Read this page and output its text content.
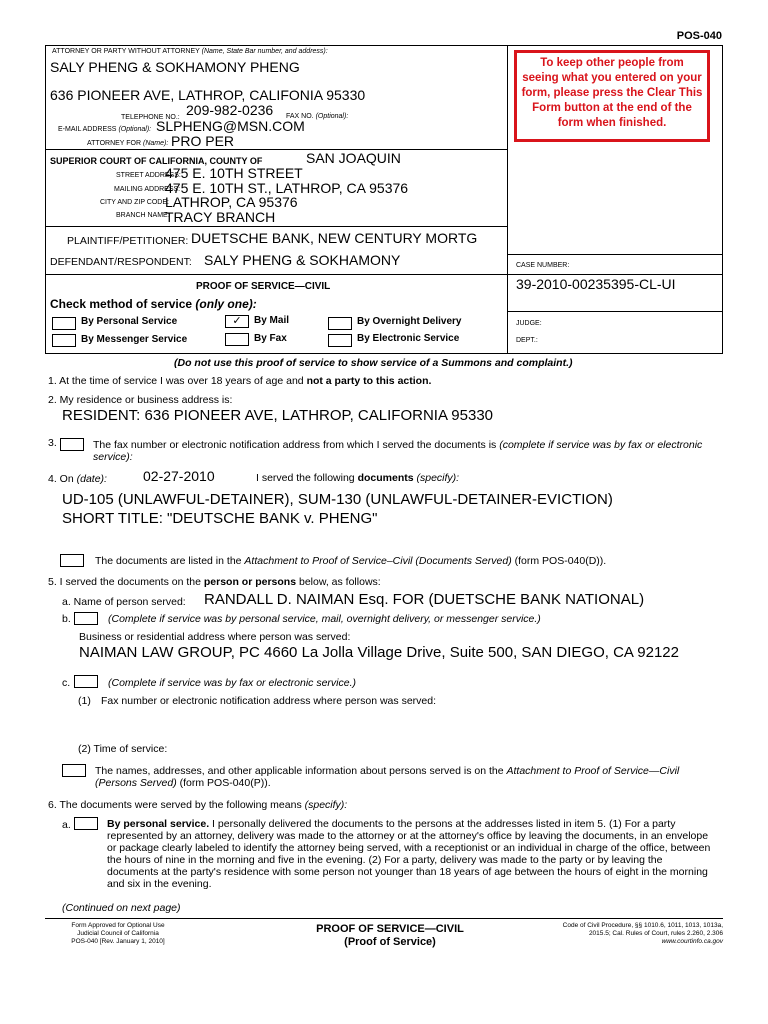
POS-040
ATTORNEY OR PARTY WITHOUT ATTORNEY (Name, State Bar number, and address):
SALY PHENG & SOKHAMONY PHENG
636 PIONEER AVE, LATHROP, CALIFONIA 95330
TELEPHONE NO.: 209-982-0236 FAX NO. (Optional):
E-MAIL ADDRESS (Optional): SLPHENG@MSN.COM
ATTORNEY FOR (Name): PRO PER
To keep other people from seeing what you entered on your form, please press the Clear This Form button at the end of the form when finished.
SUPERIOR COURT OF CALIFORNIA, COUNTY OF	SAN JOAQUIN
STREET ADDRESS:
475 E. 10TH STREET
MAILING ADDRESS:
475 E. 10TH ST., LATHROP, CA 95376
CITY AND ZIP CODE:
LATHROP, CA 95376
BRANCH NAME:
TRACY BRANCH
PLAINTIFF/PETITIONER: DUETSCHE BANK, NEW CENTURY MORTG
DEFENDANT/RESPONDENT: SALY PHENG & SOKHAMONY	CASE NUMBER:
39-2010-00235395-CL-UI
JUDGE:
DEPT.:
PROOF OF SERVICE—CIVIL
Check method of service (only one):
By Personal Service	✓	By Mail	By Overnight Delivery
By Messenger Service	By Fax	By Electronic Service
(Do not use this proof of service to show service of a Summons and complaint.)
1. At the time of service I was over 18 years of age and not a party to this action.
2. My residence or business address is:
RESIDENT: 636 PIONEER AVE, LATHROP, CALIFORNIA 95330
3.	The fax number or electronic notification address from which I served the documents is (complete if service was by fax or electronic service):
4. On (date):	02-27-2010	I served the following documents (specify):
UD-105 (UNLAWFUL-DETAINER), SUM-130 (UNLAWFUL-DETAINER-EVICTION)
SHORT TITLE: "DEUTSCHE BANK v. PHENG"
The documents are listed in the Attachment to Proof of Service–Civil (Documents Served) (form POS-040(D)).
5. I served the documents on the person or persons below, as follows:
a. Name of person served: RANDALL D. NAIMAN Esq. FOR (DUETSCHE BANK NATIONAL)
b.	(Complete if service was by personal service, mail, overnight delivery, or messenger service.)
Business or residential address where person was served:
NAIMAN LAW GROUP, PC 4660 La Jolla Village Drive, Suite 500, SAN DIEGO, CA 92122
c.	(Complete if service was by fax or electronic service.)
(1) Fax number or electronic notification address where person was served:
(2) Time of service:
The names, addresses, and other applicable information about persons served is on the Attachment to Proof of Service—Civil (Persons Served) (form POS-040(P)).
6. The documents were served by the following means (specify):
a.	By personal service. I personally delivered the documents to the persons at the addresses listed in item 5. (1) For a party represented by an attorney, delivery was made to the attorney or at the attorney's office by leaving the documents, in an envelope or package clearly labeled to identify the attorney being served, with a receptionist or an individual in charge of the office, between the hours of nine in the morning and five in the evening. (2) For a party, delivery was made to the party or by leaving the documents at the party's residence with some person not younger than 18 years of age between the hours of eight in the morning and six in the evening.
(Continued on next page)
Form Approved for Optional Use
Judicial Council of California
POS-040 [Rev. January 1, 2010]
PROOF OF SERVICE—CIVIL
(Proof of Service)
Code of Civil Procedure, §§ 1010.6, 1011, 1013, 1013a,
2015.5; Cal. Rules of Court, rules 2.260, 2.306
www.courtinfo.ca.gov
